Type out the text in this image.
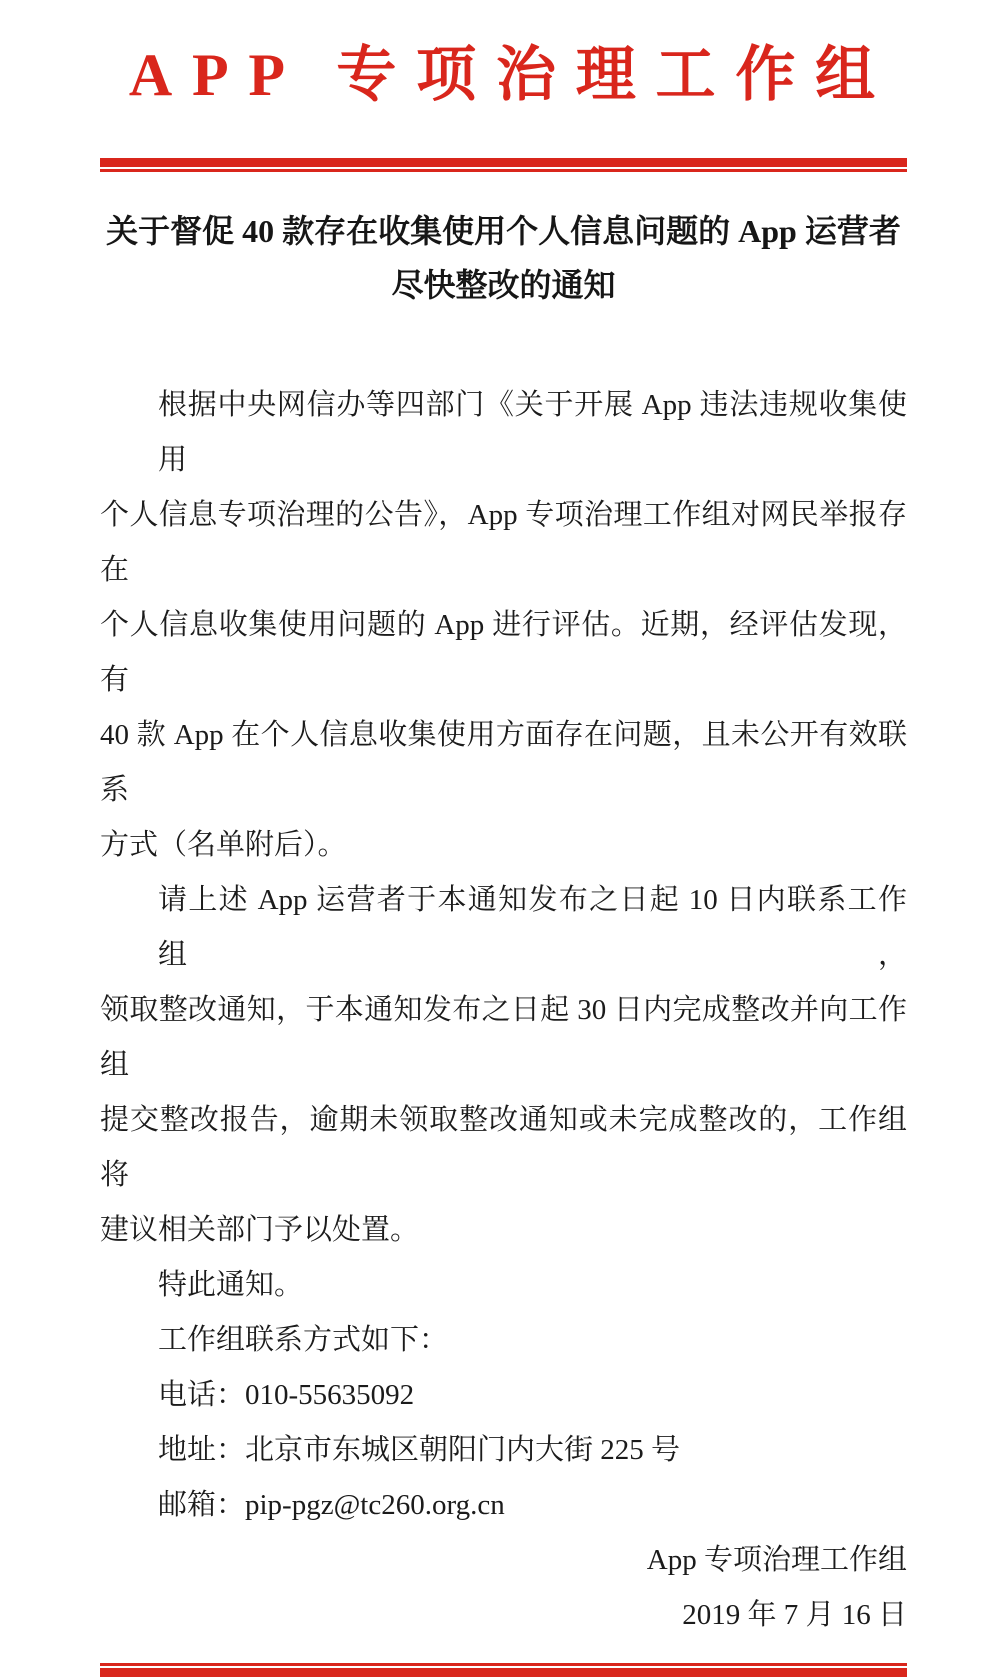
APP 专项治理工作组
关于督促 40 款存在收集使用个人信息问题的 App 运营者
尽快整改的通知
根据中央网信办等四部门《关于开展 App 违法违规收集使用
个人信息专项治理的公告》，App 专项治理工作组对网民举报存在
个人信息收集使用问题的 App 进行评估。近期，经评估发现，有
40 款 App 在个人信息收集使用方面存在问题，且未公开有效联系
方式（名单附后）。
请上述 App 运营者于本通知发布之日起 10 日内联系工作组，
领取整改通知，于本通知发布之日起 30 日内完成整改并向工作组
提交整改报告，逾期未领取整改通知或未完成整改的，工作组将
建议相关部门予以处置。
特此通知。
工作组联系方式如下：
电话：010-55635092
地址：北京市东城区朝阳门内大街 225 号
邮箱：pip-pgz@tc260.org.cn
App 专项治理工作组
2019 年 7 月 16 日
